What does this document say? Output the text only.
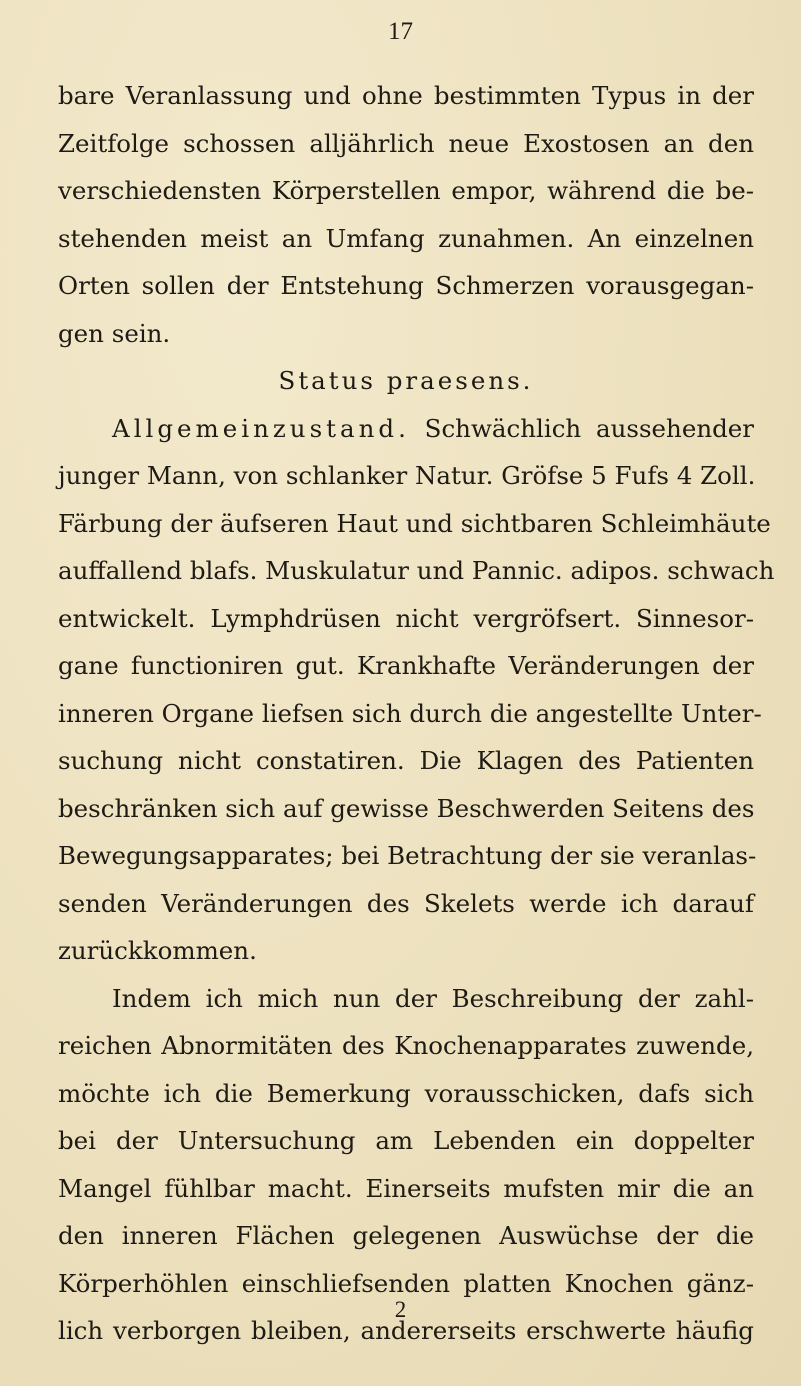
17
bare Veranlassung und ohne bestimmten Typus in der
Zeitfolge schossen alljährlich neue Exostosen an den
verschiedensten Körperstellen empor, während die be-
stehenden meist an Umfang zunahmen. An einzelnen
Orten sollen der Entstehung Schmerzen vorausgegan-
gen sein.
Status praesens.
Allgemeinzustand. Schwächlich aussehender
junger Mann, von schlanker Natur. Gröfse 5 Fufs 4 Zoll.
Färbung der äufseren Haut und sichtbaren Schleimhäute
auffallend blafs. Muskulatur und Pannic. adipos. schwach
entwickelt. Lymphdrüsen nicht vergröfsert. Sinnesor-
gane functioniren gut. Krankhafte Veränderungen der
inneren Organe liefsen sich durch die angestellte Unter-
suchung nicht constatiren. Die Klagen des Patienten
beschränken sich auf gewisse Beschwerden Seitens des
Bewegungsapparates; bei Betrachtung der sie veranlas-
senden Veränderungen des Skelets werde ich darauf
zurückkommen.
Indem ich mich nun der Beschreibung der zahl-
reichen Abnormitäten des Knochenapparates zuwende,
möchte ich die Bemerkung vorausschicken, dafs sich
bei der Untersuchung am Lebenden ein doppelter
Mangel fühlbar macht. Einerseits mufsten mir die an
den inneren Flächen gelegenen Auswüchse der die
Körperhöhlen einschliefsenden platten Knochen gänz-
lich verborgen bleiben, andererseits erschwerte häufig
2
